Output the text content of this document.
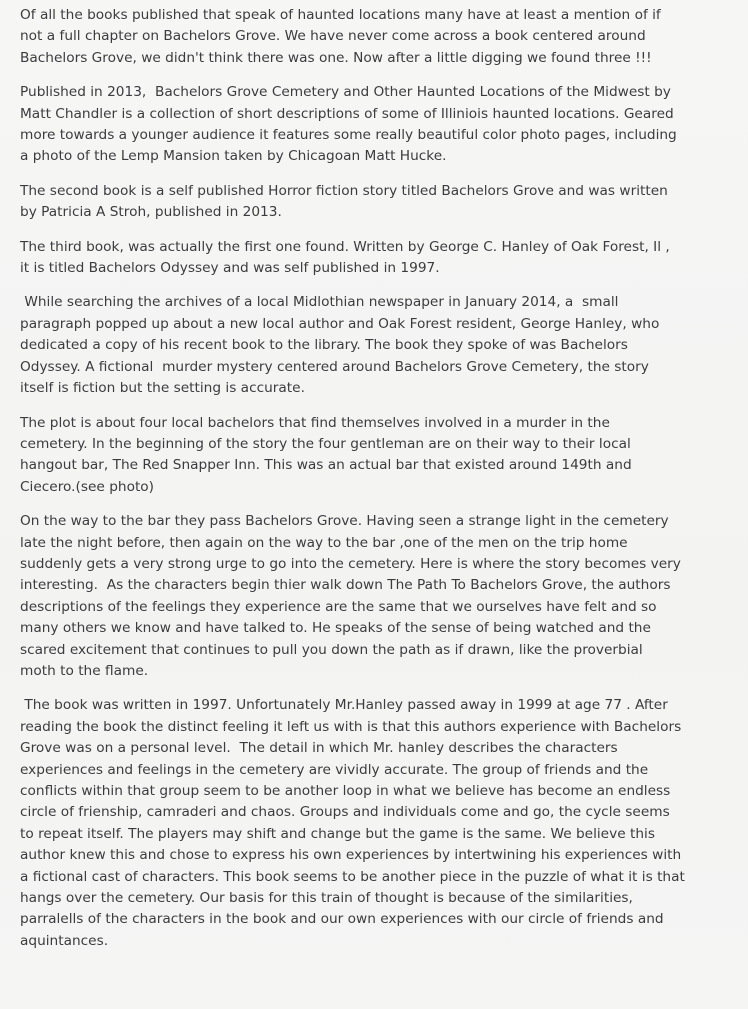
Of all the books published that speak of haunted locations many have at least a mention of if
not a full chapter on Bachelors Grove. We have never come across a book centered around
Bachelors Grove, we didn't think there was one. Now after a little digging we found three !!!
Published in 2013,  Bachelors Grove Cemetery and Other Haunted Locations of the Midwest by
Matt Chandler is a collection of short descriptions of some of Illiniois haunted locations. Geared
more towards a younger audience it features some really beautiful color photo pages, including
a photo of the Lemp Mansion taken by Chicagoan Matt Hucke.
The second book is a self published Horror fiction story titled Bachelors Grove and was written
by Patricia A Stroh, published in 2013.
The third book, was actually the first one found. Written by George C. Hanley of Oak Forest, Il ,
it is titled Bachelors Odyssey and was self published in 1997.
While searching the archives of a local Midlothian newspaper in January 2014, a  small
paragraph popped up about a new local author and Oak Forest resident, George Hanley, who
dedicated a copy of his recent book to the library. The book they spoke of was Bachelors
Odyssey. A fictional  murder mystery centered around Bachelors Grove Cemetery, the story
itself is fiction but the setting is accurate.
The plot is about four local bachelors that find themselves involved in a murder in the
cemetery. In the beginning of the story the four gentleman are on their way to their local
hangout bar, The Red Snapper Inn. This was an actual bar that existed around 149th and
Ciecero.(see photo)
On the way to the bar they pass Bachelors Grove. Having seen a strange light in the cemetery
late the night before, then again on the way to the bar ,one of the men on the trip home
suddenly gets a very strong urge to go into the cemetery. Here is where the story becomes very
interesting.  As the characters begin thier walk down The Path To Bachelors Grove, the authors
descriptions of the feelings they experience are the same that we ourselves have felt and so
many others we know and have talked to. He speaks of the sense of being watched and the
scared excitement that continues to pull you down the path as if drawn, like the proverbial
moth to the flame.
The book was written in 1997. Unfortunately Mr.Hanley passed away in 1999 at age 77 . After
reading the book the distinct feeling it left us with is that this authors experience with Bachelors
Grove was on a personal level.  The detail in which Mr. hanley describes the characters
experiences and feelings in the cemetery are vividly accurate. The group of friends and the
conflicts within that group seem to be another loop in what we believe has become an endless
circle of frienship, camraderi and chaos. Groups and individuals come and go, the cycle seems
to repeat itself. The players may shift and change but the game is the same. We believe this
author knew this and chose to express his own experiences by intertwining his experiences with
a fictional cast of characters. This book seems to be another piece in the puzzle of what it is that
hangs over the cemetery. Our basis for this train of thought is because of the similarities,
parralells of the characters in the book and our own experiences with our circle of friends and
aquintances.
